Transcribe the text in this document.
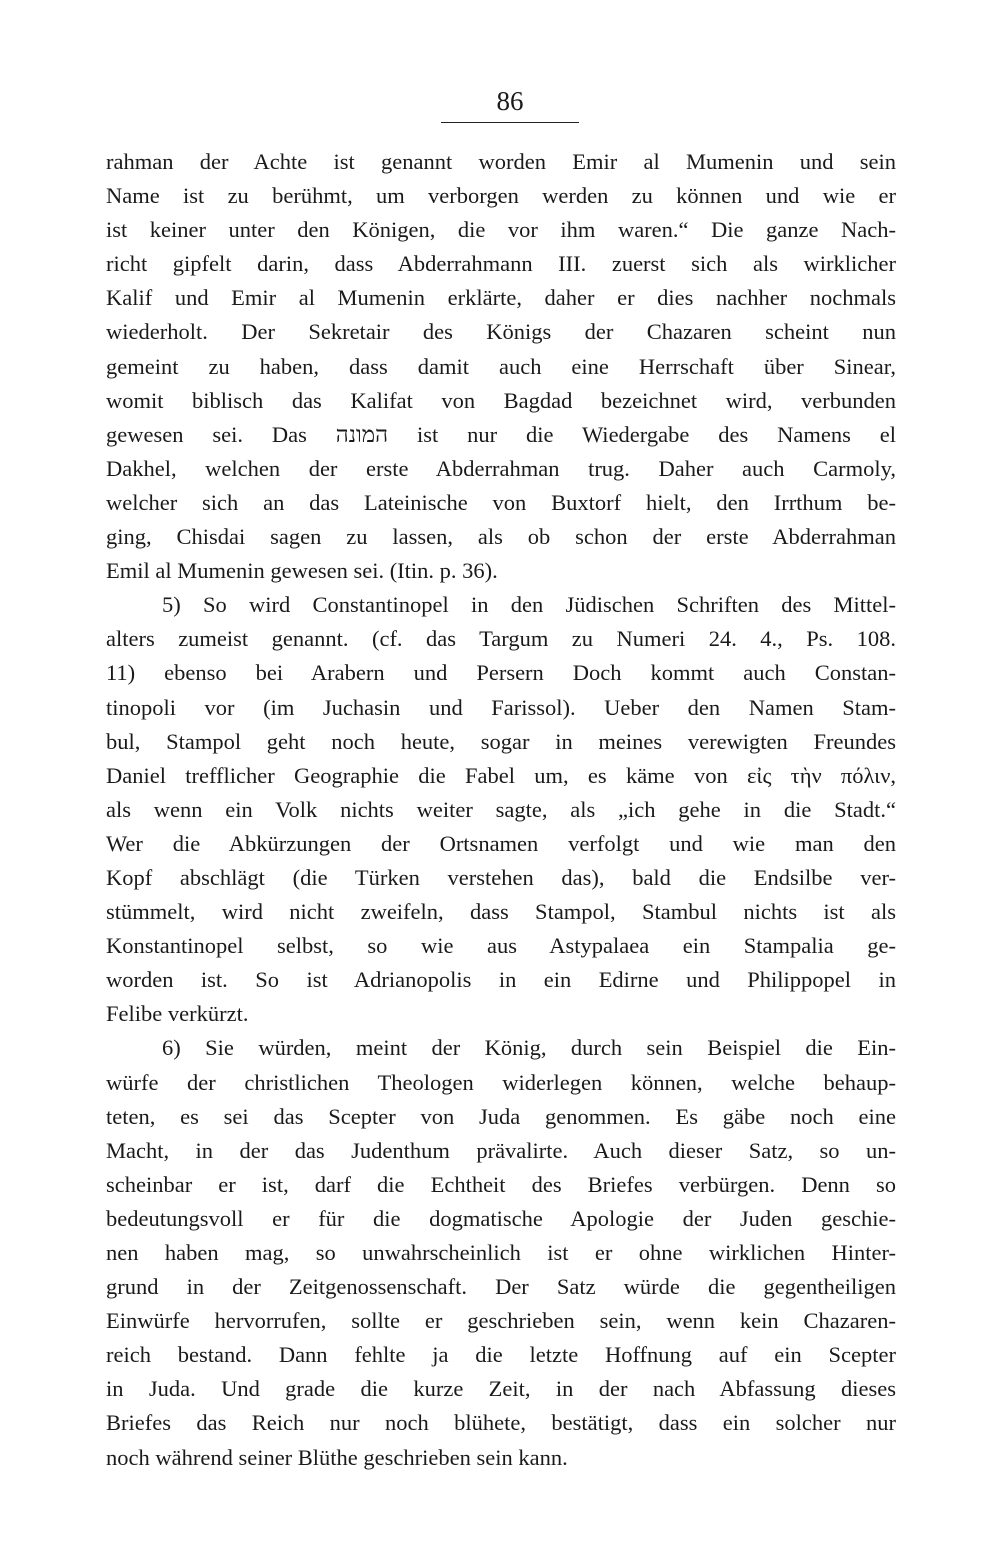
86
rahman der Achte ist genannt worden Emir al Mumenin und sein
Name ist zu berühmt, um verborgen werden zu können und wie er
ist keiner unter den Königen, die vor ihm waren.“ Die ganze Nach-
richt gipfelt darin, dass Abderrahmann III. zuerst sich als wirklicher
Kalif und Emir al Mumenin erklärte, daher er dies nachher nochmals
wiederholt. Der Sekretair des Königs der Chazaren scheint nun
gemeint zu haben, dass damit auch eine Herrschaft über Sinear,
womit biblisch das Kalifat von Bagdad bezeichnet wird, verbunden
gewesen sei. Das המונה ist nur die Wiedergabe des Namens el
Dakhel, welchen der erste Abderrahman trug. Daher auch Carmoly,
welcher sich an das Lateinische von Buxtorf hielt, den Irrthum be-
ging, Chisdai sagen zu lassen, als ob schon der erste Abderrahman
Emil al Mumenin gewesen sei. (Itin. p. 36).
5) So wird Constantinopel in den Jüdischen Schriften des Mittel-
alters zumeist genannt. (cf. das Targum zu Numeri 24. 4., Ps. 108.
11) ebenso bei Arabern und Persern Doch kommt auch Constan-
tinopoli vor (im Juchasin und Farissol). Ueber den Namen Stam-
bul, Stampol geht noch heute, sogar in meines verewigten Freundes
Daniel trefflicher Geographie die Fabel um, es käme von εἰς τὴν πόλιν,
als wenn ein Volk nichts weiter sagte, als „ich gehe in die Stadt.“
Wer die Abkürzungen der Ortsnamen verfolgt und wie man den
Kopf abschlägt (die Türken verstehen das), bald die Endsilbe ver-
stümmelt, wird nicht zweifeln, dass Stampol, Stambul nichts ist als
Konstantinopel selbst, so wie aus Astypalaea ein Stampalia ge-
worden ist. So ist Adrianopolis in ein Edirne und Philippopel in
Felibe verkürzt.
6) Sie würden, meint der König, durch sein Beispiel die Ein-
würfe der christlichen Theologen widerlegen können, welche behaup-
teten, es sei das Scepter von Juda genommen. Es gäbe noch eine
Macht, in der das Judenthum prävalirte. Auch dieser Satz, so un-
scheinbar er ist, darf die Echtheit des Briefes verbürgen. Denn so
bedeutungsvoll er für die dogmatische Apologie der Juden geschie-
nen haben mag, so unwahrscheinlich ist er ohne wirklichen Hinter-
grund in der Zeitgenossenschaft. Der Satz würde die gegentheiligen
Einwürfe hervorrufen, sollte er geschrieben sein, wenn kein Chazaren-
reich bestand. Dann fehlte ja die letzte Hoffnung auf ein Scepter
in Juda. Und grade die kurze Zeit, in der nach Abfassung dieses
Briefes das Reich nur noch blühete, bestätigt, dass ein solcher nur
noch während seiner Blüthe geschrieben sein kann.
